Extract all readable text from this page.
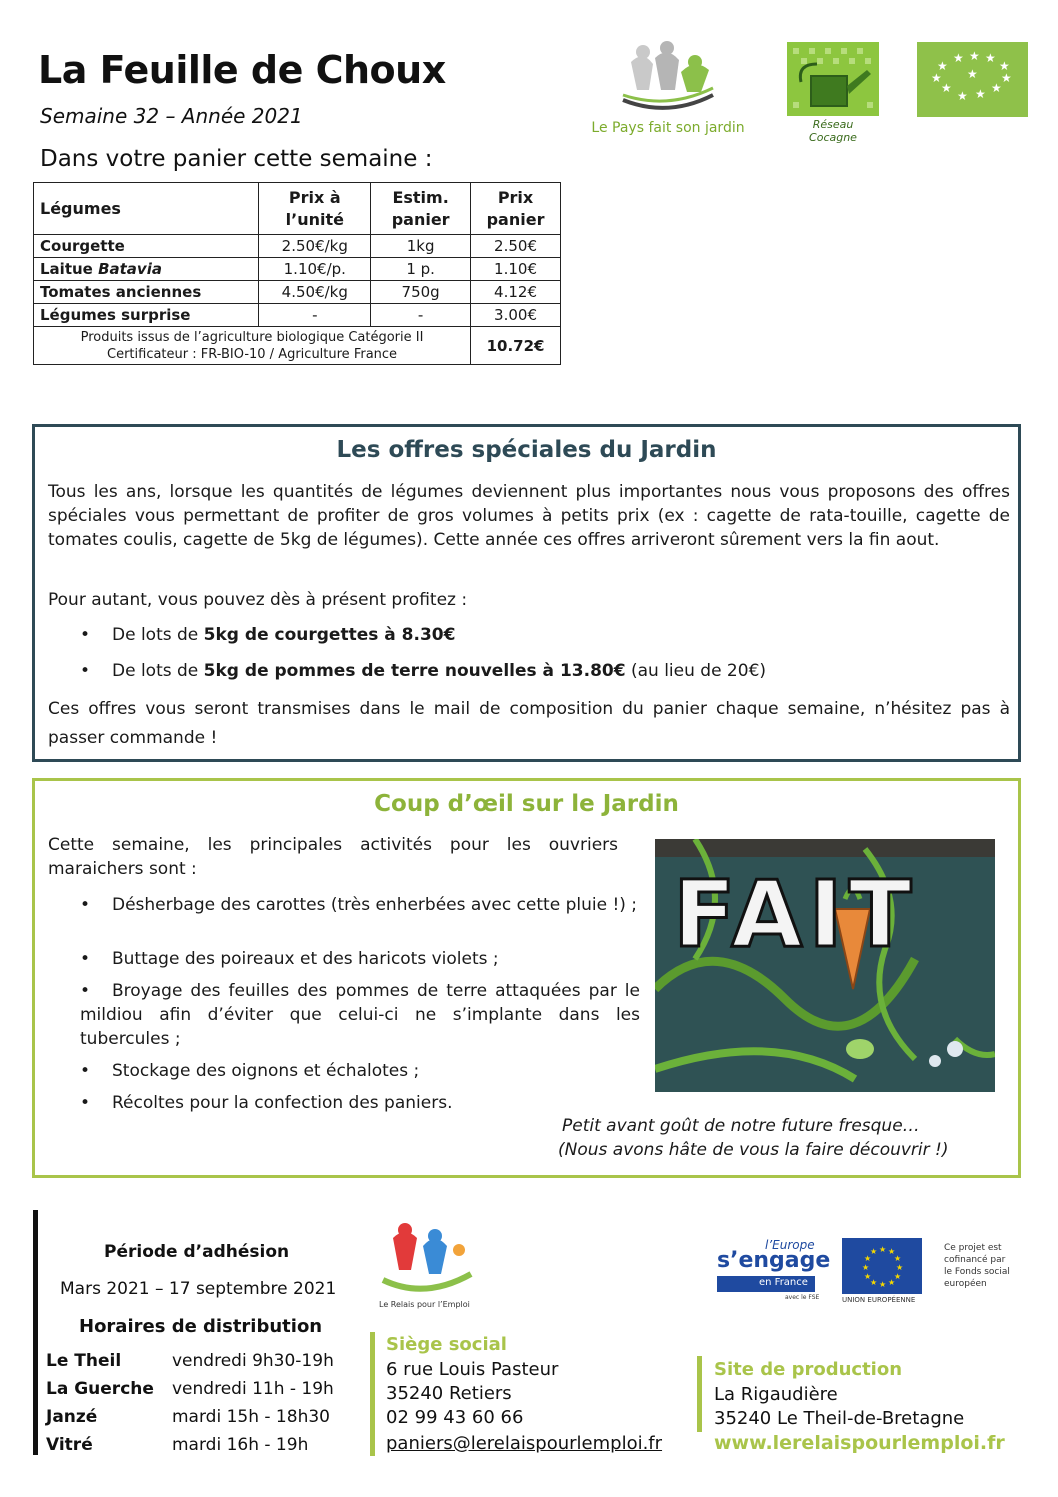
La Feuille de Choux
Semaine 32 – Année 2021
Dans votre panier cette semaine :
Le Pays fait son jardin	Réseau Cocagne
★
★ ★ ★
★
★
★ ★ ★
★
★ ★
Légumes	Prix à l’unité	Estim. panier	Prix panier
Courgette	2.50€/kg	1kg	2.50€
Laitue Batavia	1.10€/p.	1 p.	1.10€
Tomates anciennes	4.50€/kg	750g	4.12€
Légumes surprise	-	-	3.00€

Produits issus de l’agriculture biologique Catégorie II
Certificateur : FR-BIO-10 / Agriculture France			10.72€
Les offres spéciales du Jardin
Tous les ans, lorsque les quantités de légumes deviennent plus importantes nous vous proposons des offres spéciales vous permettant de profiter de gros volumes à petits prix (ex : cagette de rata-touille, cagette de tomates coulis, cagette de 5kg de légumes). Cette année ces offres arriveront sûrement vers la fin aout.
Pour autant, vous pouvez dès à présent profitez :
• De lots de 5kg de courgettes à 8.30€
• De lots de 5kg de pommes de terre nouvelles à 13.80€ (au lieu de 20€)
Ces offres vous seront transmises dans le mail de composition du panier chaque semaine, n’hésitez pas à passer commande !
Coup d’œil sur le Jardin
Cette semaine, les principales activités pour les ouvriers maraichers sont :
•	Désherbage des carottes (très enherbées avec cette pluie !) ;
•	Buttage des poireaux et des haricots violets ;
•	Broyage des feuilles des pommes de terre attaquées par le mildiou afin d’éviter que celui-ci ne s’implante dans les tubercules ;
•	Stockage des oignons et échalotes ;
•	Récoltes pour la confection des paniers.
FAIT
Petit avant goût de notre future fresque…
(Nous avons hâte de vous la faire découvrir !)
Période d’adhésion
Mars 2021 – 17 septembre 2021
Horaires de distribution
Le Theil	vendredi 9h30-19h
La Guerche vendredi 11h - 19h
Janzé	mardi 15h - 18h30
Vitré	mardi 16h - 19h
Le Relais pour l’Emploi
Siège social
6 rue Louis Pasteur
35240 Retiers
02 99 43 60 66
paniers@lerelaispourlemploi.fr
Site de production
La Rigaudière
35240 Le Theil-de-Bretagne
www.lerelaispourlemploi.fr
l’Europe
s’engage
en France
avec le FSE
★ ★
★
★
★
★
★
★
★
★
★
★
UNION EUROPÉENNE
Ce projet est cofinancé par le Fonds social européen
